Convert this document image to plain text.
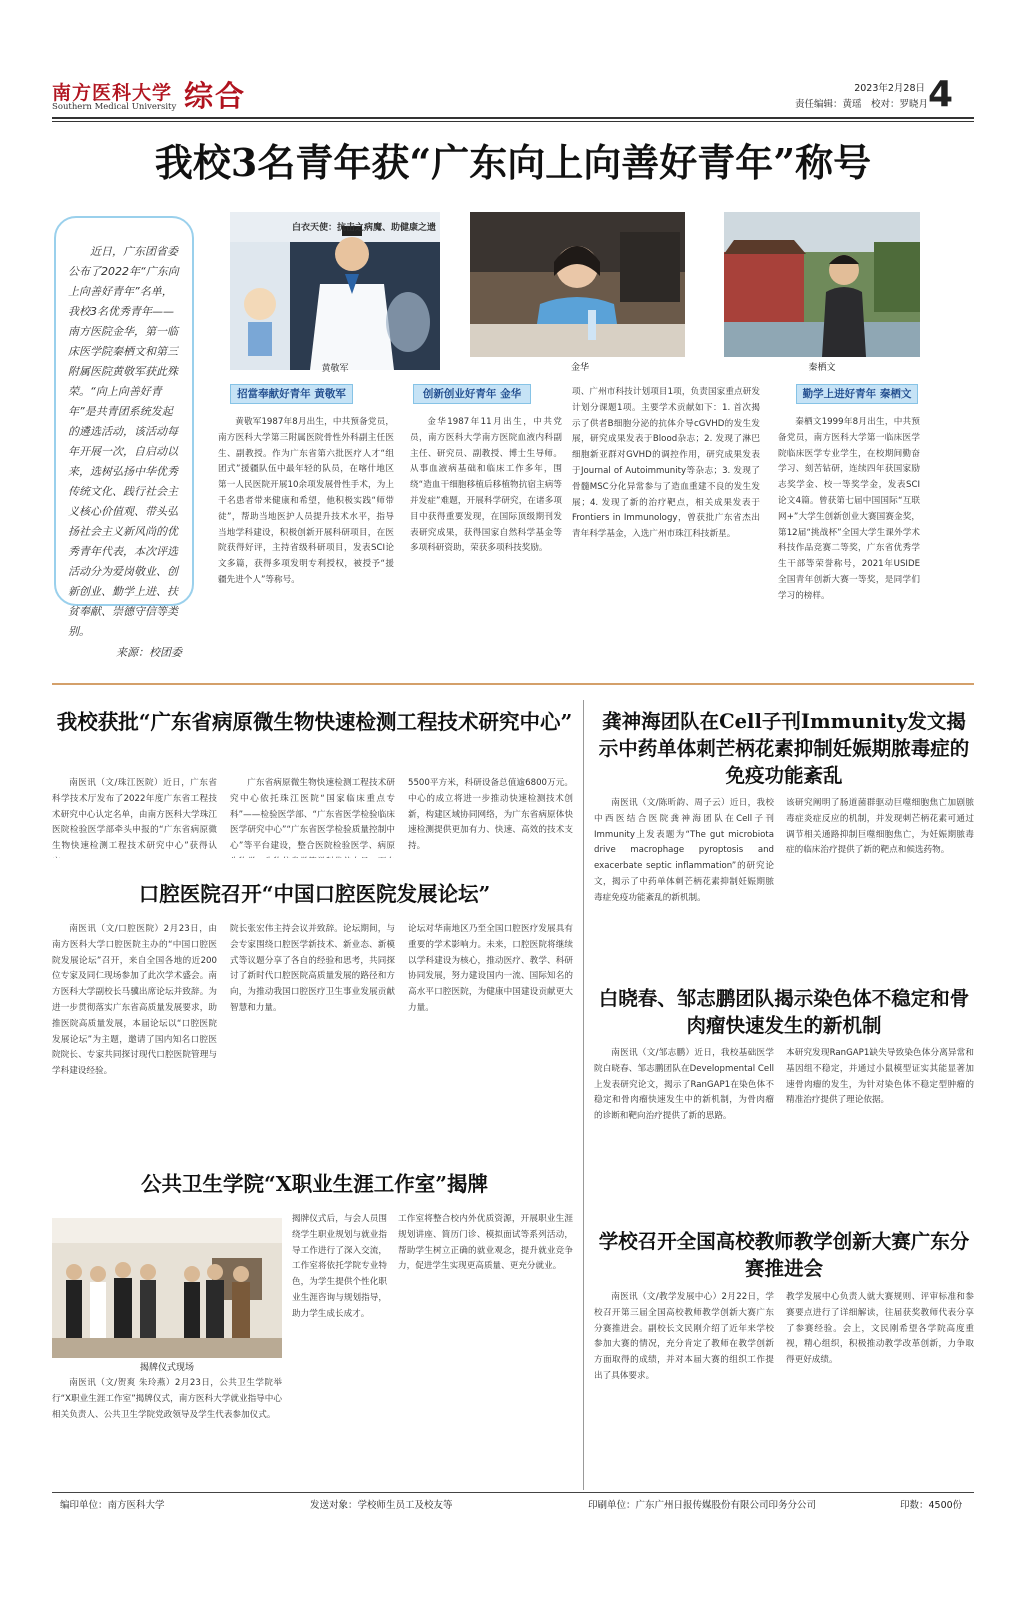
南方医科大学
Southern Medical University 综合	2023年2月28日
责任编辑：黄瑶　校对：罗晓月 4
我校3名青年获“广东向上向善好青年”称号

近日，广东团省委公布了2022年“广东向上向善好青年”名单，我校3名优秀青年——南方医院金华，第一临床医学院秦栖文和第三附属医院黄敬军获此殊荣。“向上向善好青年”是共青团系统发起的遴选活动，该活动每年开展一次，自启动以来，选树弘扬中华优秀传统文化、践行社会主义核心价值观、带头弘扬社会主义新风尚的优秀青年代表，本次评选活动分为爱岗敬业、创新创业、勤学上进、扶贫奉献、崇德守信等类别。

来源：校团委
白衣天使：抗击之病魔、助健康之遗
黄敬军	金华	秦栖文
招當奉献好青年 黄敬军	创新创业好青年 金华	勤学上进好青年 秦栖文
黄敬军1987年8月出生，中共预备党员，南方医科大学第三附属医院骨性外科副主任医生、副教授。作为广东省第六批医疗人才“组团式”援疆队伍中最年轻的队员，在喀什地区第一人民医院开展10余项发展骨性手术，为上千名患者带来健康和希望，他积极实践“师带徒”，帮助当地医护人员提升技术水平，指导当地学科建设，积极创新开展科研项目，在医院获得好评，主持省级科研项目，发表SCI论文多篇，获得多项发明专利授权，被授予“援疆先进个人”等称号。
金华1987年11月出生，中共党员，南方医科大学南方医院血液内科副主任、研究员、副教授、博士生导师。从事血液病基础和临床工作多年，围绕“造血干细胞移植后移植物抗宿主病等并发症”难题，开展科学研究，在诸多项目中获得重要发现，在国际顶级期刊发表研究成果，获得国家自然科学基金等多项科研资助，荣获多项科技奖励。
项、广州市科技计划项目1项，负责国家重点研发计划分课题1项。主要学术贡献如下：1. 首次揭示了供者B细胞分泌的抗体介导cGVHD的发生发展，研究成果发表于Blood杂志；2. 发现了淋巴细胞新亚群对GVHD的调控作用，研究成果发表于Journal of Autoimmunity等杂志；3. 发现了骨髓MSC分化异常参与了造血重建不良的发生发展；4. 发现了新的治疗靶点，相关成果发表于Frontiers in Immunology，曾获批广东省杰出青年科学基金，入选广州市珠江科技新星。
秦栖文1999年8月出生，中共预备党员，南方医科大学第一临床医学院临床医学专业学生，在校期间勤奋学习、刻苦钻研，连续四年获国家励志奖学金、校一等奖学金，发表SCI论文4篇。曾获第七届中国国际“互联网+”大学生创新创业大赛国赛金奖，第12届“挑战杯”全国大学生课外学术科技作品竞赛二等奖，广东省优秀学生干部等荣誉称号，2021年USIDE全国青年创新大赛一等奖，是同学们学习的榜样。
我校获批“广东省病原微生物快速检测工程技术研究中心”
南医讯（文/珠江医院）近日，广东省科学技术厅发布了2022年度广东省工程技术研究中心认定名单，由南方医科大学珠江医院检验医学部牵头申报的“广东省病原微生物快速检测工程技术研究中心”获得认
广东省病原微生物快速检测工程技术研究中心依托珠江医院“国家临床重点专科”——检验医学部、“广东省医学检验临床医学研究中心”“广东省医学检验质量控制中心”等平台建设，整合医院检验医学、病原
5500平方米，科研设备总值逾6800万元。中心的成立将进一步推动快速检测技术创新，构建区域协同网络，为广东省病原体快速检测提供更加有力、快速、高效的技术支持。
口腔医院召开“中国口腔医院发展论坛”
南医讯（文/口腔医院）2月23日，由南方医科大学口腔医院主办的“中国口腔医院发展论坛”召开，来自全国各地的近200位专家及同仁现场参加了此次学术盛会。南方医科大学副校长马骥出席论坛并致辞。为进一步贯彻落实广东省高质量发展要求，助推医院高质量发展，本届论坛以“口腔医院发展论坛”为主题，邀请了国内知名口腔医院院长、专家共同探讨现代口腔医院管理与学科建设经验。
院长张宏伟主持会议并致辞。论坛期间，与会专家围绕口腔医学新技术、新业态、新模式等议题分享了各自的经验和思考，共同探讨了新时代口腔医院高质量发展的路径和方向，为推动我国口腔医疗卫生事业发展贡献智慧和力量。
论坛对华南地区乃至全国口腔医疗发展具有重要的学术影响力。未来，口腔医院将继续以学科建设为核心，推动医疗、教学、科研协同发展，努力建设国内一流、国际知名的高水平口腔医院，为健康中国建设贡献更大力量。
公共卫生学院“X职业生涯工作室”揭牌
揭牌仪式现场
南医讯（文/贺爽 朱玲燕）2月23日，公共卫生学院举行“X职业生涯工作室”揭牌仪式，南方医科大学就业指导中心相关负责人、公共卫生学院党政领导及学生代表参加仪式。
揭牌仪式后，与会人员围绕学生职业规划与就业指导工作进行了深入交流，工作室将依托学院专业特色，为学生提供个性化职业生涯咨询与规划指导，助力学生成长成才。
工作室将整合校内外优质资源，开展职业生涯规划讲座、简历门诊、模拟面试等系列活动，帮助学生树立正确的就业观念，提升就业竞争力，促进学生实现更高质量、更充分就业。
龚神海团队在Cell子刊Immunity发文揭示中药单体刺芒柄花素抑制妊娠期脓毒症的免疫功能紊乱
南医讯（文/陈昕韵、周子云）近日，我校中西医结合医院龚神海团队在Cell子刊Immunity上发表题为“The gut microbiota drive macrophage pyroptosis and exacerbate septic inflammation”的研究论文，揭示了中药单体刺芒柄花素抑制妊娠期脓毒症免疫功能紊乱的新机制。
该研究阐明了肠道菌群驱动巨噬细胞焦亡加剧脓毒症炎症反应的机制，并发现刺芒柄花素可通过调节相关通路抑制巨噬细胞焦亡，为妊娠期脓毒症的临床治疗提供了新的靶点和候选药物。
白晓春、邹志鹏团队揭示染色体不稳定和骨肉瘤快速发生的新机制
南医讯（文/邹志鹏）近日，我校基础医学院白晓春、邹志鹏团队在Developmental Cell上发表研究论文，揭示了RanGAP1在染色体不稳定和骨肉瘤快速发生中的新机制，为骨肉瘤的诊断和靶向治疗提供了新的思路。
本研究发现RanGAP1缺失导致染色体分离异常和基因组不稳定，并通过小鼠模型证实其能显著加速骨肉瘤的发生，为针对染色体不稳定型肿瘤的精准治疗提供了理论依据。
学校召开全国高校教师教学创新大赛广东分赛推进会
南医讯（文/教学发展中心）2月22日，学校召开第三届全国高校教师教学创新大赛广东分赛推进会。副校长文民刚介绍了近年来学校参加大赛的情况，充分肯定了教师在教学创新方面取得的成绩，并对本届大赛的组织工作提出了具体要求。
教学发展中心负责人就大赛规则、评审标准和参赛要点进行了详细解读，往届获奖教师代表分享了参赛经验。会上，文民刚希望各学院高度重视，精心组织，积极推动教学改革创新，力争取得更好成绩。
编印单位：南方医科大学	发送对象：学校师生员工及校友等	印刷单位：广东广州日报传媒股份有限公司印务分公司	印数：4500份
